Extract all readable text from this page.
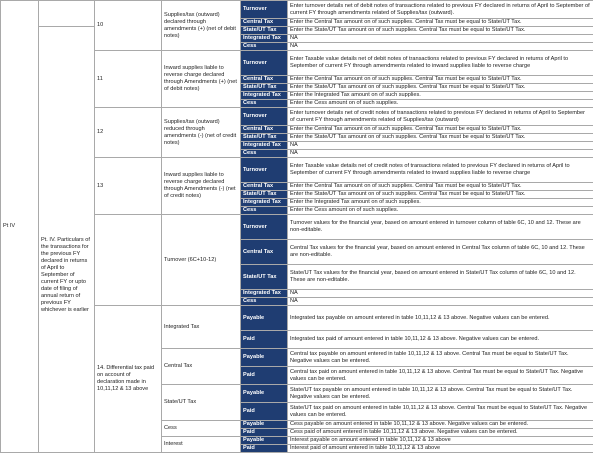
Pt IV		10	Supplies/tax (outward) declared through amendments (+) (net of debit notes)	Turnover	Enter turnover details net of debit notes of transactions related to previous FY declared in returns of April to September of current FY through amendments related of Supplies/tax (outward).
				Central Tax	Enter the Central Tax amount on of such supplies. Central Tax must be equal to State/UT Tax.
	Pt. IV. Particulars of the transactions for the previous FY declared in returns of April to September of current FY or upto date of filing of annual return of previous FY whichever is earlier			State/UT Tax	Enter the State/UT Tax amount on of such supplies. Central Tax must be equal to State/UT Tax.
				Integrated Tax	NA
				Cess	NA
		11	Inward supplies liable to reverse charge declared through Amendments (+) (net of debit notes)	Turnover	Enter Taxable value details net of debit notes of transactions related to previous FY declared in returns of April to September of current FY through amendments related to inward supplies liable to reverse charge
				Central Tax	Enter the Central Tax amount on of such supplies. Central Tax must be equal to State/UT Tax.
				State/UT Tax	Enter the State/UT Tax amount on of such supplies. Central Tax must be equal to State/UT Tax.
				Integrated Tax	Enter the Integrated Tax amount on of such supplies.
				Cess	Enter the Cess amount on of such supplies.
		12	Supplies/tax (outward) reduced through amendments (-) (net of credit notes)	Turnover	Enter turnover details net of credit notes of transactions related to previous FY declared in returns of April to September of current FY through amendments related of Supplies/tax (outward)
				Central Tax	Enter the Central Tax amount on of such supplies. Central Tax must be equal to State/UT Tax.
				State/UT Tax	Enter the State/UT Tax amount on of such supplies. Central Tax must be equal to State/UT Tax.
				Integrated Tax	NA
				Cess	NA
		13	Inward supplies liable to reverse charge declared through Amendments (-) (net of credit notes)	Turnover	Enter Taxable value details net of credit notes of transactions related to previous FY declared in returns of April to September of current FY through amendments related to inward supplies liable to reverse charge
				Central Tax	Enter the Central Tax amount on of such supplies. Central Tax must be equal to State/UT Tax.
				State/UT Tax	Enter the State/UT Tax amount on of such supplies. Central Tax must be equal to State/UT Tax.
				Integrated Tax	Enter the Integrated Tax amount on of such supplies.
				Cess	Enter the Cess amount on of such supplies.
			Turnover (6C+10-12)	Turnover	Turnover values for the financial year, based on amount entered in turnover column of table 6C, 10 and 12. These are non-editable.
				Central Tax	Central Tax values for the financial year, based on amount entered in Central Tax column of table 6C, 10 and 12. These are non-editable.
				State/UT Tax	State/UT Tax values for the financial year, based on amount entered in State/UT Tax column of table 6C, 10 and 12. These are non-editable.
				Integrated Tax	NA
				Cess	NA
		14. Differential tax paid on account of declaration made in 10,11,12 & 13 above	Integrated Tax	Payable	Integrated tax payable on amount entered in table 10,11,12 & 13 above. Negative values can be entered.
				Paid	Integrated tax paid of amount entered in table 10,11,12 & 13 above. Negative values can be entered.
			Central Tax	Payable	Central tax payable on amount entered in table 10,11,12 & 13 above. Central Tax must be equal to State/UT Tax. Negative values can be entered.
				Paid	Central tax paid on amount entered in table 10,11,12 & 13 above. Central Tax must be equal to State/UT Tax. Negative values can be entered.
			State/UT Tax	Payable	State/UT tax payable on amount entered in table 10,11,12 & 13 above. Central Tax must be equal to State/UT Tax. Negative values can be entered.
				Paid	State/UT tax paid on amount entered in table 10,11,12 & 13 above. Central Tax must be equal to State/UT Tax. Negative values can be entered.
			Cess	Payable	Cess payable on amount entered in table 10,11,12 & 13 above. Negative values can be entered.
				Paid	Cess paid of amount entered in table 10,11,12 & 13 above. Negative values can be entered.
			Interest	Payable	Interest payable on amount entered in table 10,11,12 & 13 above
				Paid	Interest paid of amount entered in table 10,11,12 & 13 above
